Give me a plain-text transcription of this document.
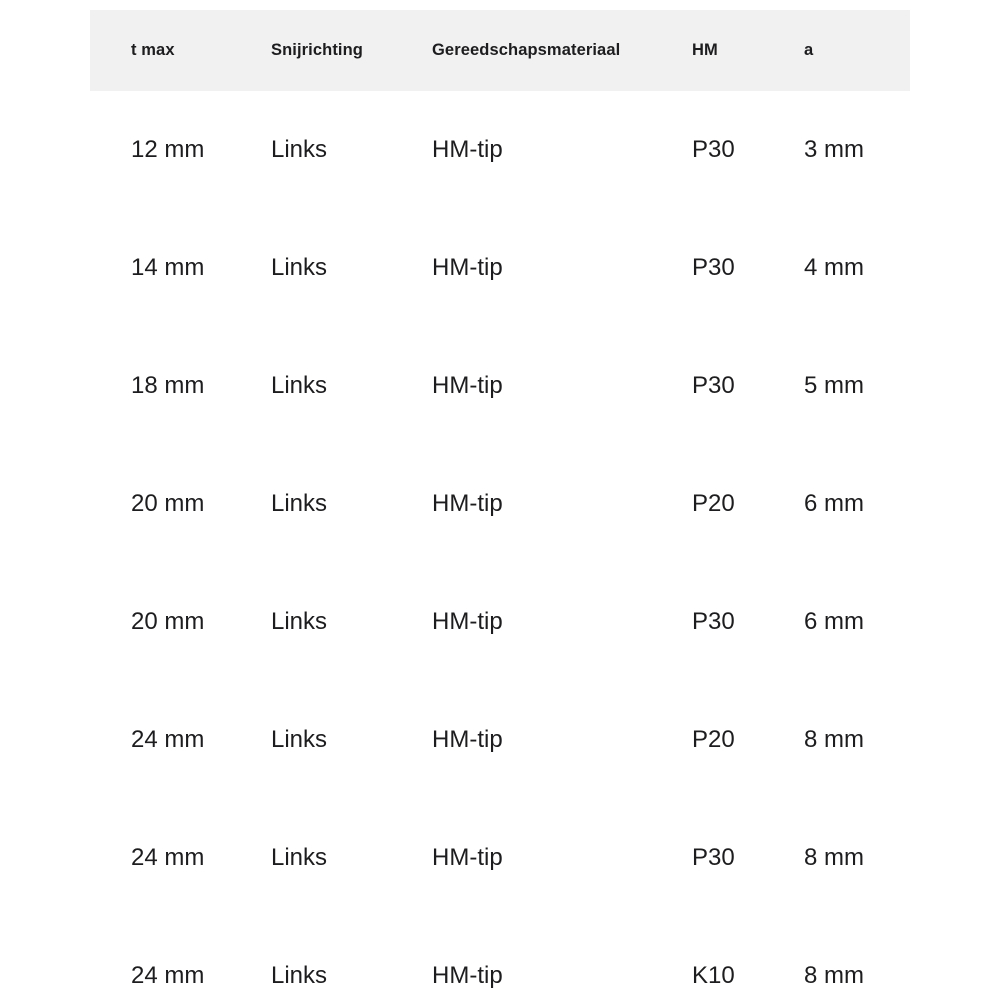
t max	Snijrichting	Gereedschapsmateriaal	HM	a
12 mm	Links	HM-tip	P30	3 mm
14 mm	Links	HM-tip	P30	4 mm
18 mm	Links	HM-tip	P30	5 mm
20 mm	Links	HM-tip	P20	6 mm
20 mm	Links	HM-tip	P30	6 mm
24 mm	Links	HM-tip	P20	8 mm
24 mm	Links	HM-tip	P30	8 mm
24 mm	Links	HM-tip	K10	8 mm
